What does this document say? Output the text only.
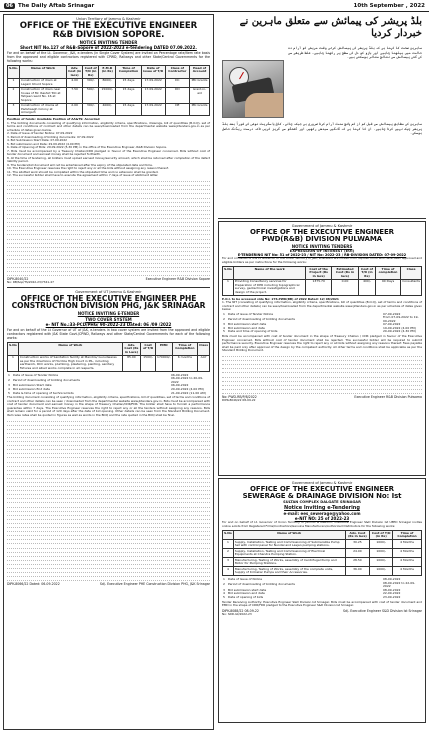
06 The Daily Aftab Srinagar	10th September , 2022
Union Territory of Jammu & Kashmir
OFFICE OF THE EXECUTIVE ENGINEER
R&B DIVISION SOPORE.
NOTICE INVITING TENDER
Short NIT No.127 of R&B-Sopore of 2022-2023 e-tendering DATED 07.09.2022.
For and on behalf of the Lt. Governor, J&K, e-tenders (in Single Cover System) are invited on Percentage rate/Item rate basis from the approved and eligible contractors registered with CPWD, Railways and other State/Central Governments for the following works:
S.No.	Name of Work	Adv. Cost (in lacs)	Cost of T/D (in Rs)	E.M.D (in Rs)	Time of Completion	Date of issue of T/D	Class of Contractor	Head of Account
1	Construction of drain at Lagam Khurd Sopore	4.00	300/-	8000/-	15 days	17.09.2022	DC	PRI Grants
2	Construction of drain near house of Mr. Rashid Toti at Tehjeen ward No. 16 at Sopore	7.50	500/-	15000/-	15 days	17.09.2022	DD	Grant-in-aid
3	Construction of drains at Padshaagh Colony at Amargarh	2.00	300/-	4000/-	15 days	17.09.2022	DE	PRI Grants
Position of funds: Available Position of AA&TS: Accorded
1. The bidding documents consisting of qualifying information, eligibility criteria, specifications, drawings, bill of quantities (B.O.Q), set of terms and conditions of contract and other details can be seen/downloaded from the departmental website www.jktenders.gov.in as per schedule of dates given below.
2. Date of Issue of tender Notice: 07.09.2022
3. Period of downloading of bidding documents: 07.09.2022
4. Bid Submission Start Date: 07.09.2022
5. Bid submission end Date: 29.09.2022 (4.00 PM)
6. Date of Opening of Bids: 29.09.2022 (5.30 PM) in the office of the Executive Engineer, R&B Division Sopore.
7. Bids must be accompanied by a Treasury Challan/CDR pledged in favour of the Executive Engineer concerned. Bids without cost of tender document and earnest money shall be rejected forthwith.
8. At the time of tendering, all bidders must upload earnest money/security amount, which shall be returned after completion of the defect liability period.
9. The tenders/bid document will not be entertained after the expiry of the stipulated date and time.
10. The Executive Engineer reserves the right to reject any or all the bids without assigning any reason thereof.
11. The allotted work should be completed within the stipulated time and no extension shall be granted.
12. The successful bidder shall have to execute the agreement within 7 days of issue of allotment letter.
DIPK-8040/22	Executive Engineer R&B Division Sopore
No: RB/Sop/TS/2022-23/7341-47
Government of UT Jammu & Kashmir
OFFICE OF THE EXECUTIVE ENGINEER PHE
CONSTRUCTION DIVISION PHG, J&K SRINAGAR
NOTICE INVITING E-TENDER
TWO COVER SYSTEM
e- NIT No.:33-PCD/PHG/ 90-2022-23 Dated: 06 /09 /2022
For and on behalf of the Lt Governor of UT of J&K, e-tenders in two cover system are invited from the approved and eligible contractors registered with J&K State Govt./CPWD, Railways and other State/Central Governments for each of the following works:
S.No	Name of Work	Adv. Cost (Rs in Lacs)	Cost of T/D	EMD	Time of Completion	Class
1	Construction works of Sanitation facility at Mandirs/ Gurudwaras as per the directions of Hon'ble High Court in PIL, including earthwork, RCC works, plumbing, plastering, painting, sanitary fixtures and allied works complete in all respects.	85.00	1500/-	170000/-	6 months	AAY
1	Date of Issue of Tender Notice	06-09-2022
2	Period of downloading of bidding documents	06-09-2022 to 20-09-2022
3	Bid submission Start date	06-09-2022
4	Bid submission End date	20-09-2022 (4.00 PM)
5	Date & time of opening of technical bids	21-09-2022 (11.00 AM)
The bidding document consisting of qualifying information, eligibility criteria, specifications, bill of quantities, set of terms and conditions of contract and other details can be seen / downloaded from the departmental website www.jktenders.gov.in. Bids must be accompanied with cost of tender document and earnest money in the shape of Treasury Challan/CDR/FDR. The bidder shall have to furnish a performance guarantee within 7 days. The Executive Engineer reserves the right to reject any or all the tenders without assigning any reasons. Bids shall remain valid for a period of 120 days after the date of bid opening. Other details can be seen from the Standard Bidding Document. Item wise rates shall be quoted in figures as well as words in the BOQ and the rate quoted in the BOQ shall be final.
DIPK-8066/22 Dated: 06-09-2022	Sd/- Executive Engineer PHE Construction Division PHG, J&K Srinagar
بلڈ پریشر کی پیمائش سے متعلق ماہرین نے خبردار کردیا
ماہرین صحت کا کہنا ہے کہ بلڈ پریشر کی پیمائش کرتے وقت مریض کو آرام دہ حالت میں بیٹھنا چاہیے اور بازو کو دل کی سطح پر رکھنا چاہیے، غلط طریقے سے کی گئی پیمائش سے نتائج متاثر ہوسکتے ہیں۔
ماہرین کے مطابق پیمائش سے قبل کم از کم پانچ منٹ آرام کرنا ضروری ہے جبکہ چائے، کافی یا سگریٹ نوشی کے فوراً بعد بلڈ پریشر چیک نہیں کرنا چاہیے۔ ان کا کہنا ہے کہ ٹانگیں سیدھی رکھیں اور گفتگو سے گریز کریں تاکہ درست ریڈنگ حاصل ہوسکے۔
Government of Jammu & Kashmir
OFFICE OF THE EXECUTIVE ENGINEER
PWD(R&B) DIVISION PULWAMA
NOTICE INVITING TENDERS
EXPRESSION OF INTEREST (EOI)
E-TENDERING NIT No: 51 of 2022-23 / NIT No: 2022-23 / RB-DIVISION DATED: 07-09-2022
For and on behalf of the Lt Governor of the Union Territory of J&K, e-tenders are invited from reputed firms who have been approved and eligible bidders as per instructions for the following works:
S.No	Name of the work	Cost of the Project (Rs in lacs)	Estimated Cost (Rs in lacs)	Cost of T/D (in Rs)	Time of completion	Class
1	Providing Consultancy services for Preparation of DPR including topographical survey, geotechnical investigations and design of the project.	1375.70	0.00	400/-	90 Days	Consultants
E.O.I. to be accessed vide No: 276-PWD(RB) of 2022 Dated: 12/ 08/2021
1. The NIT (consisting of qualifying information, eligibility criteria, specifications, bill of quantities (B.O.Q), set of terms and conditions of contract and other details) can be seen/downloaded from the departmental website www.jktenders.gov.in as per schedule of dates given below.
1	Date of issue of Tender Notice	07-09-2022
2	Period of downloading of bidding documents	From 07-09-2022 to 19-09-2022
3	Bid submission start date	07-09-2022
4	Bid submission end date	19-09-2022 (4.00 PM)
5	Date and time of opening of bids	20-09-2022 (4.30 PM)
Bids must be accompanied with cost of tender document in the shape of Treasury Challan / CDR pledged in favour of the Executive Engineer concerned. Bids without cost of tender document shall be rejected. The successful bidder will be required to submit performance security. Executive Engineer reserves the right to reject any or all bids without assigning any reasons thereof. Fees payable shall be paid only after approval of the design by the competent authority. All other terms and conditions shall be applicable as per the Standard Bidding Document.
No: PWD-RB/P/8/2022	Executive Engineer R&B Division Pulwama
DIPK-8046/22 08-09-22
Government of Jammu & Kashmir
OFFICE OF THE EXECUTIVE ENGINEER
SEWERAGE & DRAINAGE DIVISION No: Ist
SULTAN COMPLEX DALGATE SRINAGAR
Notice Inviting e-Tendering
e-mail: ees_sewerage@yahoo.com
e-NIT NO: 25 of 2022-23
For and on behalf of Lt. Governor of Union Territory of Jammu & Kashmir, Executive Engineer S&D Division Ist UEED Srinagar invites online e-bids from Registered Firms/Contractors/Genuine Manufacturers/Authorized Distributors for the following works:
S.No	Name of Work	Adv. Cost (Rs in lacs)	Cost of T/D (in Rs)	Time of Completion
1	Supply, Installation, Testing and Commissioning of Submersible Pump Set with control panel for Nundal and Lasjan pumping stations.	30.25	1000/-	4 Months
2	Supply, Installation, Testing and Commissioning of Electrical Equipments at Chandra Pumping Station.	24.00	1000/-	4 Months
3	Manufacturing, Testing of Works, assembly of Centrifugal Pump and Motor for Pumping Stations.	28.50	1000/-	4 Months
4	Manufacturing, Testing of Works, assembly of the complete units, Supply of Kirloskar Pumps and their Accessories.	36.00	1000/-	4 Months
1	Date of Issue of Notice	08-09-2022
2	Period of downloading of bidding documents	08-09-2022 to 22-09-2022
3	Bid submission start date	08-09-2022
4	Bid submission end date	22-09-2022
5	Date of opening of bids	23-09-2022
Tender Receiving Authority: Executive Engineer S&D Division Ist Srinagar. Bids must be accompanied with cost of tender document and EMD in the shape of CDR/FDR pledged to the Executive Engineer S&D Division Ist Srinagar.
DIPK-8088/22 08-09-22	Sd/- Executive Engineer S&D Division Ist Srinagar
No: SDD-Ist/2022-23
